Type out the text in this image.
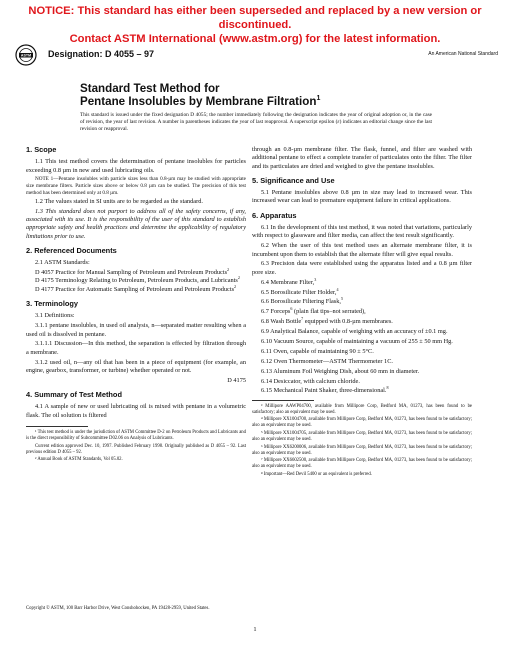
NOTICE: This standard has either been superseded and replaced by a new version or discontinued.
Contact ASTM International (www.astm.org) for the latest information.
ASTM Designation: D 4055 – 97	An American National Standard
Standard Test Method for
Pentane Insolubles by Membrane Filtration$^1$
This standard is issued under the fixed designation D 4055; the number immediately following the designation indicates the year of original adoption or, in the case of revision, the year of last revision. A number in parentheses indicates the year of last reapproval. A superscript epsilon (ε) indicates an editorial change since the last revision or reapproval.
1. Scope

1.1 This test method covers the determination of pentane insolubles for particles exceeding 0.8 µm in new and used lubricating oils.

NOTE 1—Pentane insolubles with particle sizes less than 0.8-µm may be studied with appropriate size membrane filters. Particle sizes above or below 0.8 µm can be studied. The precision of this test method has been determined only at 0.8 µm.

1.2 The values stated in SI units are to be regarded as the standard.

1.3 This standard does not purport to address all of the safety concerns, if any, associated with its use. It is the responsibility of the user of this standard to establish appropriate safety and health practices and determine the applicability of regulatory limitations prior to use.

2. Referenced Documents

2.1 ASTM Standards:

D 4057 Practice for Manual Sampling of Petroleum and Petroleum Products$^2$

D 4175 Terminology Relating to Petroleum, Petroleum Products, and Lubricants$^2$

D 4177 Practice for Automatic Sampling of Petroleum and Petroleum Products$^2$

3. Terminology

3.1 Definitions:

3.1.1 pentane insolubles, in used oil analysis, n—separated matter resulting when a used oil is dissolved in pentane.

3.1.1.1 Discussion—In this method, the separation is effected by filtration through a membrane.

3.1.2 used oil, n—any oil that has been in a piece of equipment (for example, an engine, gearbox, transformer, or turbine) whether operated or not.

D 4175

4. Summary of Test Method

4.1 A sample of new or used lubricating oil is mixed with pentane in a volumetric flask. The oil solution is filtered

¹ This test method is under the jurisdiction of ASTM Committee D-2 on Petroleum Products and Lubricants and is the direct responsibility of Subcommittee D02.06 on Analysis of Lubricants.

Current edition approved Dec. 10, 1997. Published February 1998. Originally published as D 4055 – 92. Last previous edition D 4055 – 92.

² Annual Book of ASTM Standards, Vol 05.02.

through an 0.8-µm membrane filter. The flask, funnel, and filter are washed with additional pentane to effect a complete transfer of particulates onto the filter. The filter and its particulates are dried and weighed to give the pentane insolubles.

5. Significance and Use

5.1 Pentane insolubles above 0.8 µm in size may lead to increased wear. This increased wear can lead to premature equipment failure in critical applications.

6. Apparatus

6.1 In the development of this test method, it was noted that variations, particularly with respect to glassware and filter media, can affect the test result significantly.

6.2 When the user of this test method uses an alternate membrane filter, it is incumbent upon them to establish that the alternate filter will give equal results.

6.3 Precision data were established using the apparatus listed and a 0.8 µm filter pore size.

6.4 Membrane Filter,$^3$

6.5 Borosilicate Filter Holder,$^4$

6.6 Borosilicate Filtering Flask,$^5$

6.7 Forceps$^6$ (plain flat tips–not serrated),

6.8 Wash Bottle$^7$ equipped with 0.8-µm membranes.

6.9 Analytical Balance, capable of weighing with an accuracy of ±0.1 mg.

6.10 Vacuum Source, capable of maintaining a vacuum of 255 ± 50 mm Hg.

6.11 Oven, capable of maintaining 90 ± 5°C.

6.12 Oven Thermometer—ASTM Thermometer 1C.

6.13 Aluminum Foil Weighing Dish, about 60 mm in diameter.

6.14 Desiccator, with calcium chloride.

6.15 Mechanical Paint Shaker, three-dimensional.$^8$

³ Millipore AAWP04700, available from Millipore Corp, Bedford MA, 01273, has been found to be satisfactory; also an equivalent may be used.

⁴ Millipore XX1004700, available from Millipore Corp, Bedford MA, 01273, has been found to be satisfactory; also an equivalent may be used.

⁵ Millipore XX1004705, available from Millipore Corp, Bedford MA, 01273, has been found to be satisfactory; also an equivalent may be used.

⁶ Millipore XX6200006, available from Millipore Corp, Bedford MA, 01273, has been found to be satisfactory; also an equivalent may be used.

⁷ Millipore XX6602500, available from Millipore Corp, Bedford MA, 01273, has been found to be satisfactory; also an equivalent may be used.

⁸ Important—Red Devil 5400 or an equivalent is preferred.

Copyright © ASTM, 100 Barr Harbor Drive, West Conshohocken, PA 19428-2959, United States.
1
